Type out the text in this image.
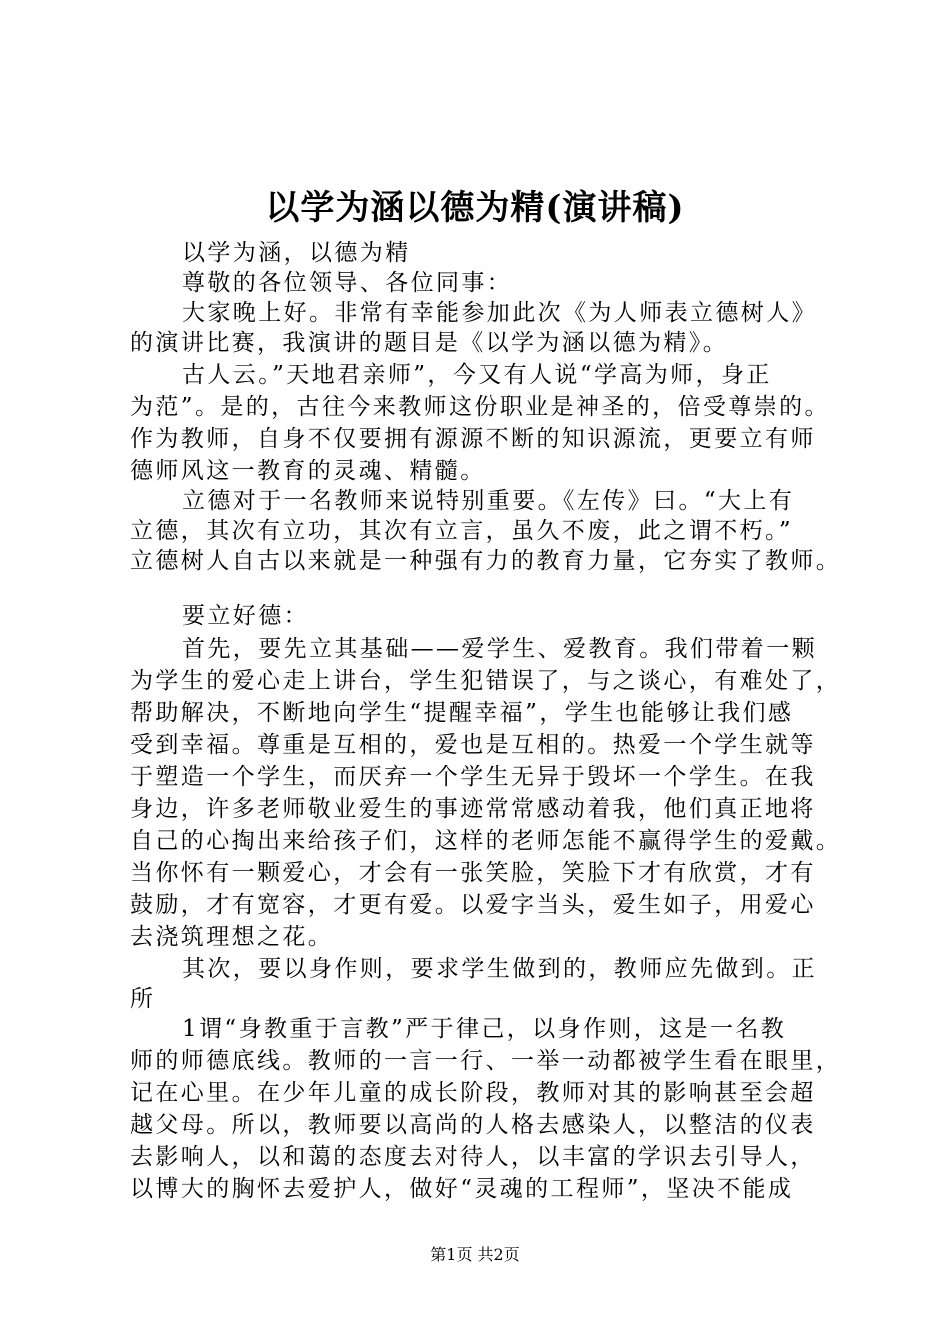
以学为涵以德为精(演讲稿)
以学为涵，以德为精
尊敬的各位领导、各位同事：
大家晚上好。非常有幸能参加此次《为人师表立德树人》
的演讲比赛，我演讲的题目是《以学为涵以德为精》。
古人云。”天地君亲师”，今又有人说“学高为师，身正
为范”。是的，古往今来教师这份职业是神圣的，倍受尊崇的。
作为教师，自身不仅要拥有源源不断的知识源流，更要立有师
德师风这一教育的灵魂、精髓。
立德对于一名教师来说特别重要。《左传》曰。“大上有
立德，其次有立功，其次有立言，虽久不废，此之谓不朽。”
立德树人自古以来就是一种强有力的教育力量，它夯实了教师。
要立好德：
首先，要先立其基础——爱学生、爱教育。我们带着一颗
为学生的爱心走上讲台，学生犯错误了，与之谈心，有难处了，
帮助解决，不断地向学生“提醒幸福”，学生也能够让我们感
受到幸福。尊重是互相的，爱也是互相的。热爱一个学生就等
于塑造一个学生，而厌弃一个学生无异于毁坏一个学生。在我
身边，许多老师敬业爱生的事迹常常感动着我，他们真正地将
自己的心掏出来给孩子们，这样的老师怎能不赢得学生的爱戴。
当你怀有一颗爱心，才会有一张笑脸，笑脸下才有欣赏，才有
鼓励，才有宽容，才更有爱。以爱字当头，爱生如子，用爱心
去浇筑理想之花。
其次，要以身作则，要求学生做到的，教师应先做到。正
所
1谓“身教重于言教”严于律己，以身作则，这是一名教
师的师德底线。教师的一言一行、一举一动都被学生看在眼里，
记在心里。在少年儿童的成长阶段，教师对其的影响甚至会超
越父母。所以，教师要以高尚的人格去感染人，以整洁的仪表
去影响人，以和蔼的态度去对待人，以丰富的学识去引导人，
以博大的胸怀去爱护人，做好“灵魂的工程师”，坚决不能成
第1页 共2页
